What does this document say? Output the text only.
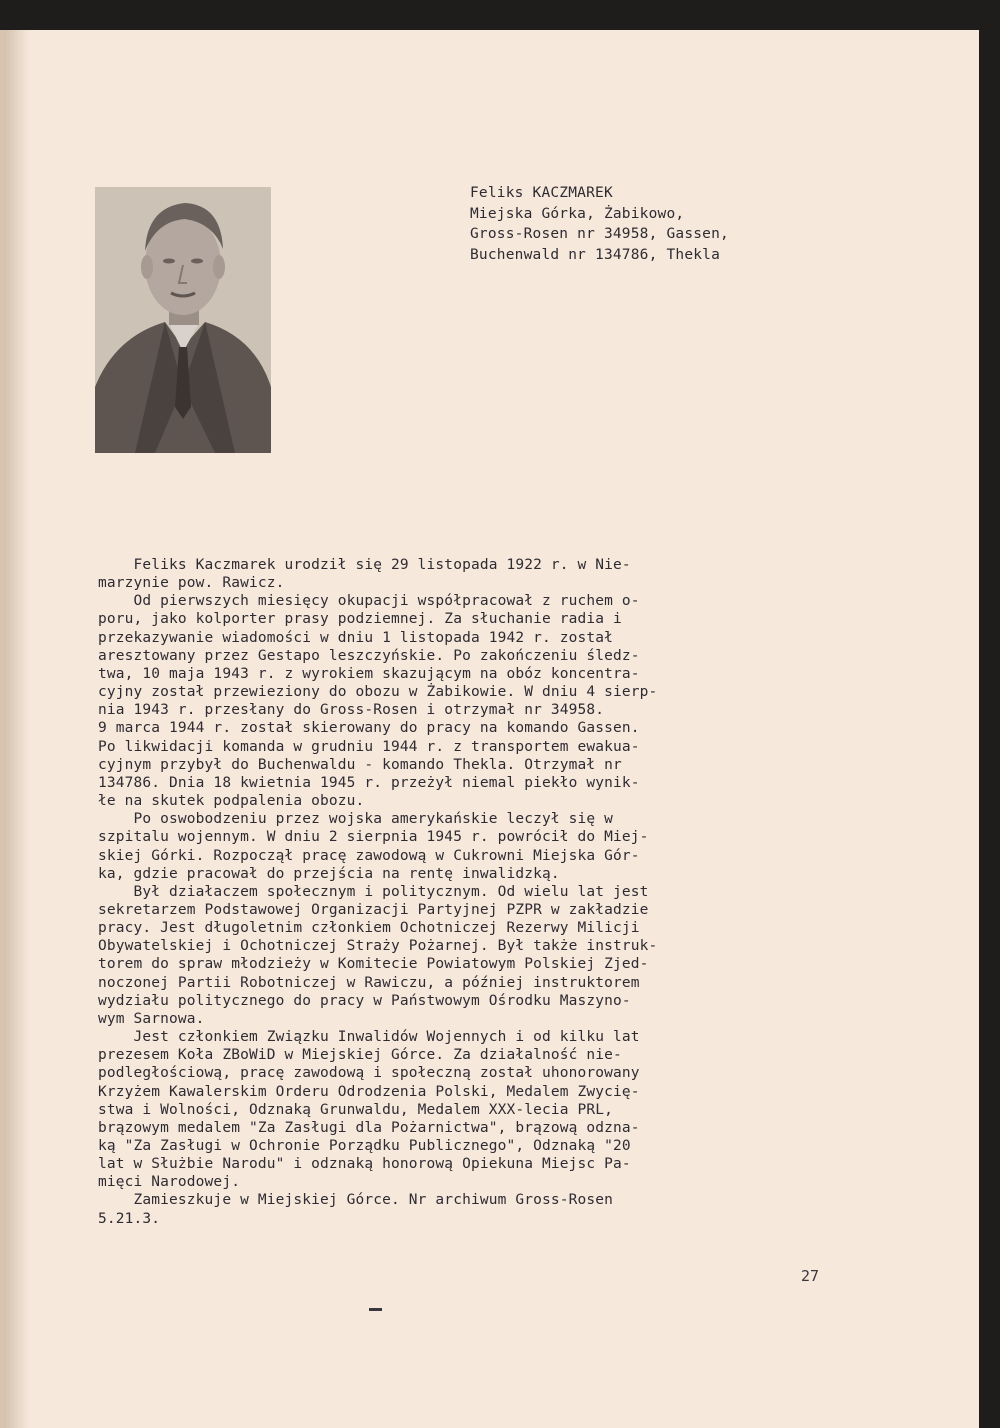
Feliks KACZMAREK
Miejska Górka, Żabikowo,
Gross-Rosen nr 34958, Gassen,
Buchenwald nr 134786, Thekla
Feliks Kaczmarek urodził się 29 listopada 1922 r. w Nie-
marzynie pow. Rawicz.
Od pierwszych miesięcy okupacji współpracował z ruchem o-
poru, jako kolporter prasy podziemnej. Za słuchanie radia i
przekazywanie wiadomości w dniu 1 listopada 1942 r. został
aresztowany przez Gestapo leszczyńskie. Po zakończeniu śledz-
twa, 10 maja 1943 r. z wyrokiem skazującym na obóz koncentra-
cyjny został przewieziony do obozu w Żabikowie. W dniu 4 sierp-
nia 1943 r. przesłany do Gross-Rosen i otrzymał nr 34958.
9 marca 1944 r. został skierowany do pracy na komando Gassen.
Po likwidacji komanda w grudniu 1944 r. z transportem ewakua-
cyjnym przybył do Buchenwaldu - komando Thekla. Otrzymał nr
134786. Dnia 18 kwietnia 1945 r. przeżył niemal piekło wynik-
łe na skutek podpalenia obozu.
Po oswobodzeniu przez wojska amerykańskie leczył się w
szpitalu wojennym. W dniu 2 sierpnia 1945 r. powrócił do Miej-
skiej Górki. Rozpoczął pracę zawodową w Cukrowni Miejska Gór-
ka, gdzie pracował do przejścia na rentę inwalidzką.
Był działaczem społecznym i politycznym. Od wielu lat jest
sekretarzem Podstawowej Organizacji Partyjnej PZPR w zakładzie
pracy. Jest długoletnim członkiem Ochotniczej Rezerwy Milicji
Obywatelskiej i Ochotniczej Straży Pożarnej. Był także instruk-
torem do spraw młodzieży w Komitecie Powiatowym Polskiej Zjed-
noczonej Partii Robotniczej w Rawiczu, a później instruktorem
wydziału politycznego do pracy w Państwowym Ośrodku Maszyno-
wym Sarnowa.
Jest członkiem Związku Inwalidów Wojennych i od kilku lat
prezesem Koła ZBoWiD w Miejskiej Górce. Za działalność nie-
podległościową, pracę zawodową i społeczną został uhonorowany
Krzyżem Kawalerskim Orderu Odrodzenia Polski, Medalem Zwycię-
stwa i Wolności, Odznaką Grunwaldu, Medalem XXX-lecia PRL,
brązowym medalem "Za Zasługi dla Pożarnictwa", brązową odzna-
ką "Za Zasługi w Ochronie Porządku Publicznego", Odznaką "20
lat w Służbie Narodu" i odznaką honorową Opiekuna Miejsc Pa-
mięci Narodowej.
Zamieszkuje w Miejskiej Górce. Nr archiwum Gross-Rosen
5.21.3.
27
